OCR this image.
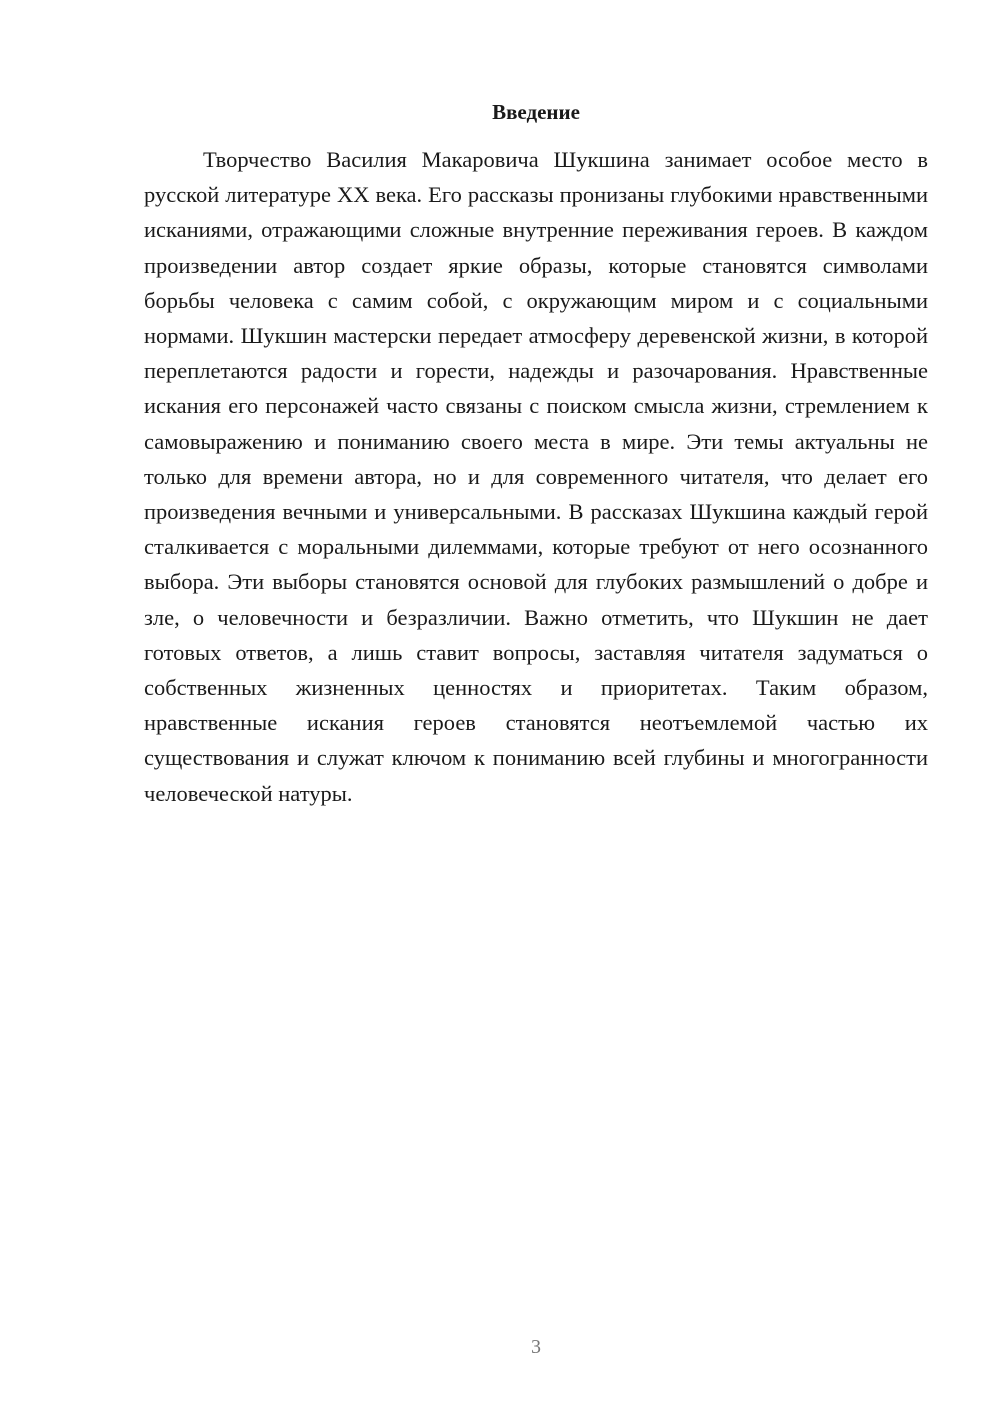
Введение

Творчество Василия Макаровича Шукшина занимает особое место в русской литературе XX века. Его рассказы пронизаны глубокими нравственными исканиями, отражающими сложные внутренние переживания героев. В каждом произведении автор создает яркие образы, которые становятся символами борьбы человека с самим собой, с окружающим миром и с социальными нормами. Шукшин мастерски передает атмосферу деревенской жизни, в которой переплетаются радости и горести, надежды и разочарования. Нравственные искания его персонажей часто связаны с поиском смысла жизни, стремлением к самовыражению и пониманию своего места в мире. Эти темы актуальны не только для времени автора, но и для современного читателя, что делает его произведения вечными и универсальными. В рассказах Шукшина каждый герой сталкивается с моральными дилеммами, которые требуют от него осознанного выбора. Эти выборы становятся основой для глубоких размышлений о добре и зле, о человечности и безразличии. Важно отметить, что Шукшин не дает готовых ответов, а лишь ставит вопросы, заставляя читателя задуматься о собственных жизненных ценностях и приоритетах. Таким образом, нравственные искания героев становятся неотъемлемой частью их существования и служат ключом к пониманию всей глубины и многогранности человеческой натуры.

3
